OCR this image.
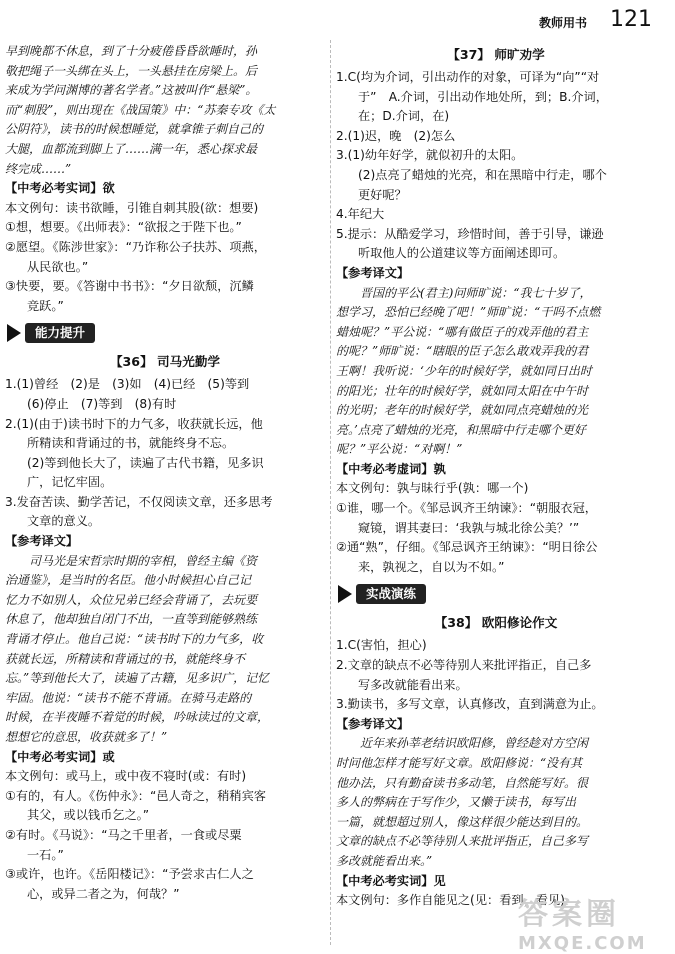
教师用书	121

早到晚都不休息，到了十分疲倦昏昏欲睡时，孙

敬把绳子一头绑在头上，一头悬挂在房梁上。后

来成为学问渊博的著名学者。”这被叫作“悬梁”。

而“刺股”，则出现在《战国策》中：“苏秦专攻《太

公阴符》，读书的时候想睡觉，就拿锥子刺自己的

大腿，血都流到脚上了……满一年，悉心探求最

终完成……”

【中考必考实词】欲

本文例句：读书欲睡，引锥自刺其股(欲：想要)

①想，想要。《出师表》：“欲报之于陛下也。”

②愿望。《陈涉世家》：“乃诈称公子扶苏、项燕，

从民欲也。”

③快要，要。《答谢中书书》：“夕日欲颓，沉鳞

竞跃。”

能力提升

【36】 司马光勤学

1.(1)曾经　(2)是　(3)如　(4)已经　(5)等到

(6)停止　(7)等到　(8)有时

2.(1)(由于)读书时下的力气多，收获就长远，他

所精读和背诵过的书，就能终身不忘。

(2)等到他长大了，读遍了古代书籍，见多识

广，记忆牢固。

3.发奋苦读、勤学苦记，不仅阅读文章，还多思考

文章的意义。

【参考译文】

司马光是宋哲宗时期的宰相，曾经主编《资

治通鉴》，是当时的名臣。他小时候担心自己记

忆力不如别人，众位兄弟已经会背诵了，去玩要

休息了，他却独自闭门不出，一直等到能够熟练

背诵才停止。他自己说：“读书时下的力气多，收

获就长远，所精读和背诵过的书，就能终身不

忘。”等到他长大了，读遍了古籍，见多识广，记忆

牢固。他说：“读书不能不背诵。在骑马走路的

时候，在半夜睡不着觉的时候，吟咏读过的文章，

想想它的意思，收获就多了！”

【中考必考实词】或

本文例句：或马上，或中夜不寝时(或：有时)

①有的，有人。《伤仲永》：“邑人奇之，稍稍宾客

其父，或以钱币乞之。”

②有时。《马说》：“马之千里者，一食或尽粟

一石。”

③或许，也许。《岳阳楼记》：“予尝求古仁人之

心，或异二者之为，何哉？”

【37】 师旷劝学

1.C(均为介词，引出动作的对象，可译为“向”“对

于”　A.介词，引出动作地处所，到；B.介词，

在；D.介词，在)

2.(1)迟，晚　(2)怎么

3.(1)幼年好学，就似初升的太阳。

(2)点亮了蜡烛的光亮，和在黑暗中行走，哪个

更好呢？

4.年纪大

5.提示：从酷爱学习，珍惜时间，善于引导，谦逊

听取他人的公道建议等方面阐述即可。

【参考译文】

晋国的平公(君主)问师旷说：“我七十岁了，

想学习，恐怕已经晚了吧！”师旷说：“干吗不点燃

蜡烛呢？”平公说：“哪有做臣子的戏弄他的君主

的呢？”师旷说：“瞎眼的臣子怎么敢戏弄我的君

王啊！我听说：‘少年的时候好学，就如同日出时

的阳光；壮年的时候好学，就如同太阳在中午时

的光明；老年的时候好学，就如同点亮蜡烛的光

亮。’点亮了蜡烛的光亮，和黑暗中行走哪个更好

呢？”平公说：“对啊！”

【中考必考虚词】孰

本文例句：孰与昧行乎(孰：哪一个)

①谁，哪一个。《邹忌讽齐王纳谏》：“朝服衣冠，

窥镜，谓其妻曰：‘我孰与城北徐公美？’”

②通“熟”，仔细。《邹忌讽齐王纳谏》：“明日徐公

来，孰视之，自以为不如。”

实战演练

【38】 欧阳修论作文

1.C(害怕，担心)

2.文章的缺点不必等待别人来批评指正，自己多

写多改就能看出来。

3.勤读书，多写文章，认真修改，直到满意为止。

【参考译文】

近年来孙莘老结识欧阳修，曾经趁对方空闲

时问他怎样才能写好文章。欧阳修说：“没有其

他办法，只有勤奋读书多动笔，自然能写好。很

多人的弊病在于写作少，又懒于读书，每写出

一篇，就想超过别人，像这样很少能达到目的。

文章的缺点不必等待别人来批评指正，自己多写

多改就能看出来。”

【中考必考实词】见

本文例句：多作自能见之(见：看到，看见)

答案圈
MXQE.COM
